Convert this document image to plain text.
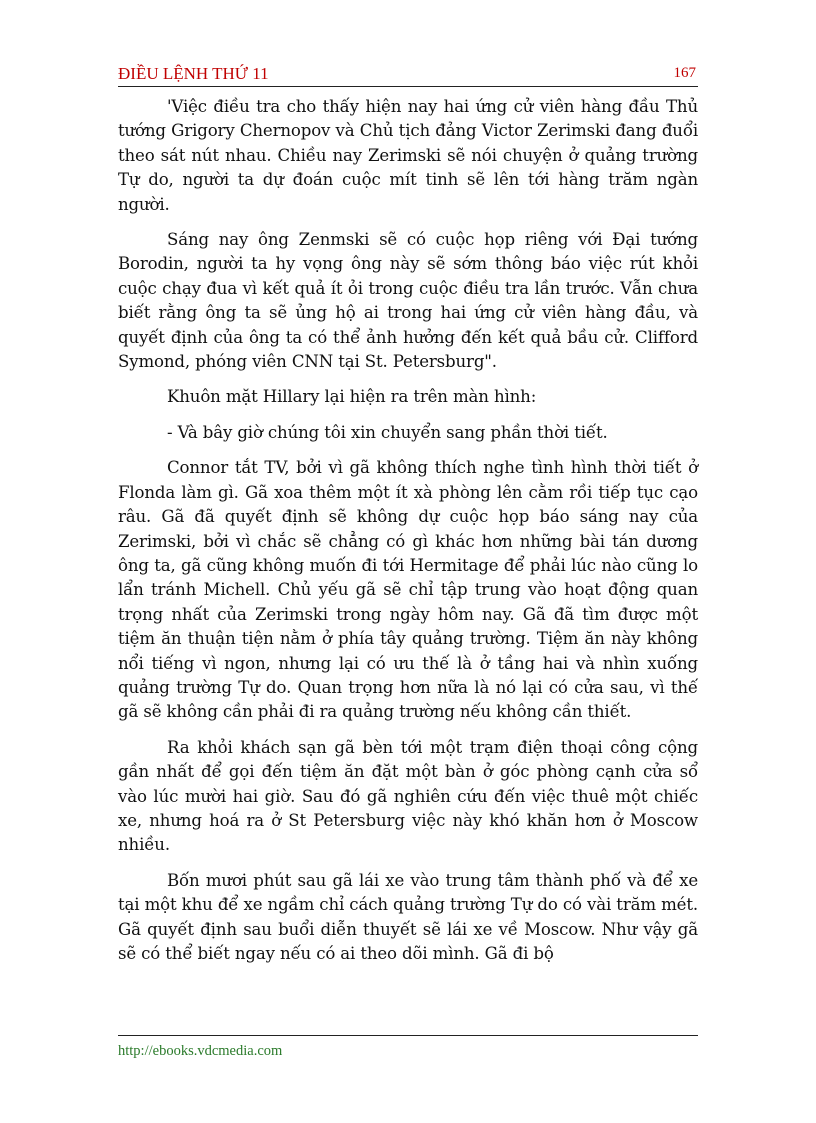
ĐIỀU LỆNH THỨ 11	167

'Việc điều tra cho thấy hiện nay hai ứng cử viên hàng đầu Thủ tướng Grigory Chernopov và Chủ tịch đảng Victor Zerimski đang đuổi theo sát nút nhau. Chiều nay Zerimski sẽ nói chuyện ở quảng trường Tự do, người ta dự đoán cuộc mít tinh sẽ lên tới hàng trăm ngàn người.

Sáng nay ông Zenmski sẽ có cuộc họp riêng với Đại tướng Borodin, người ta hy vọng ông này sẽ sớm thông báo việc rút khỏi cuộc chạy đua vì kết quả ít ỏi trong cuộc điều tra lần trước. Vẫn chưa biết rằng ông ta sẽ ủng hộ ai trong hai ứng cử viên hàng đầu, và quyết định của ông ta có thể ảnh hưởng đến kết quả bầu cử. Clifford Symond, phóng viên CNN tại St. Petersburg".

Khuôn mặt Hillary lại hiện ra trên màn hình:

- Và bây giờ chúng tôi xin chuyển sang phần thời tiết.

Connor tắt TV, bởi vì gã không thích nghe tình hình thời tiết ở Flonda làm gì. Gã xoa thêm một ít xà phòng lên cằm rồi tiếp tục cạo râu. Gã đã quyết định sẽ không dự cuộc họp báo sáng nay của Zerimski, bởi vì chắc sẽ chẳng có gì khác hơn những bài tán dương ông ta, gã cũng không muốn đi tới Hermitage để phải lúc nào cũng lo lẩn tránh Michell. Chủ yếu gã sẽ chỉ tập trung vào hoạt động quan trọng nhất của Zerimski trong ngày hôm nay. Gã đã tìm được một tiệm ăn thuận tiện nằm ở phía tây quảng trường. Tiệm ăn này không nổi tiếng vì ngon, nhưng lại có ưu thế là ở tầng hai và nhìn xuống quảng trường Tự do. Quan trọng hơn nữa là nó lại có cửa sau, vì thế gã sẽ không cần phải đi ra quảng trường nếu không cần thiết.

Ra khỏi khách sạn gã bèn tới một trạm điện thoại công cộng gần nhất để gọi đến tiệm ăn đặt một bàn ở góc phòng cạnh cửa sổ vào lúc mười hai giờ. Sau đó gã nghiên cứu đến việc thuê một chiếc xe, nhưng hoá ra ở St Petersburg việc này khó khăn hơn ở Moscow nhiều.

Bốn mươi phút sau gã lái xe vào trung tâm thành phố và để xe tại một khu để xe ngầm chỉ cách quảng trường Tự do có vài trăm mét. Gã quyết định sau buổi diễn thuyết sẽ lái xe về Moscow. Như vậy gã sẽ có thể biết ngay nếu có ai theo dõi mình. Gã đi bộ

http://ebooks.vdcmedia.com
